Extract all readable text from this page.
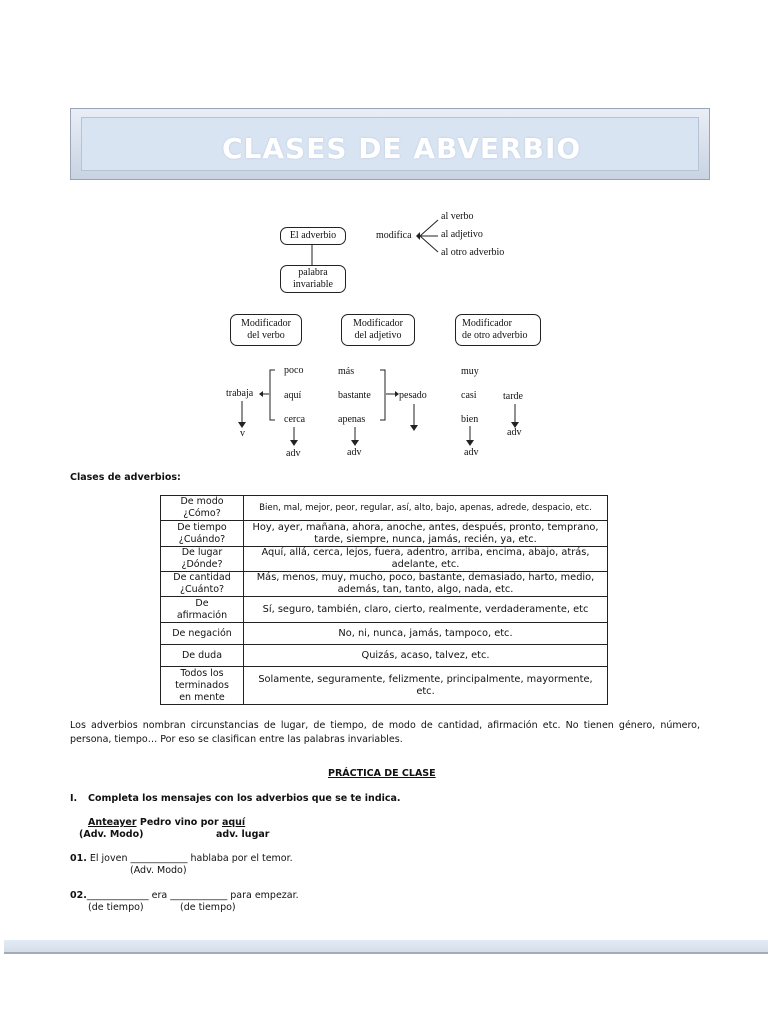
CLASES DE ABVERBIO
El adverbio	modifica
al verbo
al adjetivo
al otro adverbio
palabra
invariable
Modificador
del verbo
Modificador
del adjetivo
Modificador
de otro adverbio
trabaja
v
poco
aquí
cerca
adv
más
bastante
apenas
pesado
adv
muy
casi
bien
tarde
adv
adv
Clases de adverbios:
De modo
¿Cómo?	Bien, mal, mejor, peor, regular, así, alto, bajo, apenas, adrede, despacio, etc.

De tiempo
¿Cuándo?	Hoy, ayer, mañana, ahora, anoche, antes, después, pronto, temprano, tarde, siempre, nunca, jamás, recién, ya, etc.

De lugar
¿Dónde?	Aquí, allá, cerca, lejos, fuera, adentro, arriba, encima, abajo, atrás, adelante, etc.

De cantidad
¿Cuánto?	Más, menos, muy, mucho, poco, bastante, demasiado, harto, medio, además, tan, tanto, algo, nada, etc.

De
afirmación	Sí, seguro, también, claro, cierto, realmente, verdaderamente, etc

De negación	No, ni, nunca, jamás, tampoco, etc.

De duda	Quizás, acaso, talvez, etc.

Todos los
terminados
en mente	Solamente, seguramente, felizmente, principalmente, mayormente, etc.
Los adverbios nombran circunstancias de lugar, de tiempo, de modo de cantidad, afirmación etc. No tienen género, número, persona, tiempo… Por eso se clasifican entre las palabras invariables.
PRÁCTICA DE CLASE
I. Completa los mensajes con los adverbios que se te indica.
Anteayer Pedro vino por aquí
(Adv. Modo)	adv. lugar
01. El joven ____________ hablaba por el temor.
(Adv. Modo)
02._____________ era ____________ para empezar.
(de tiempo)	(de tiempo)
